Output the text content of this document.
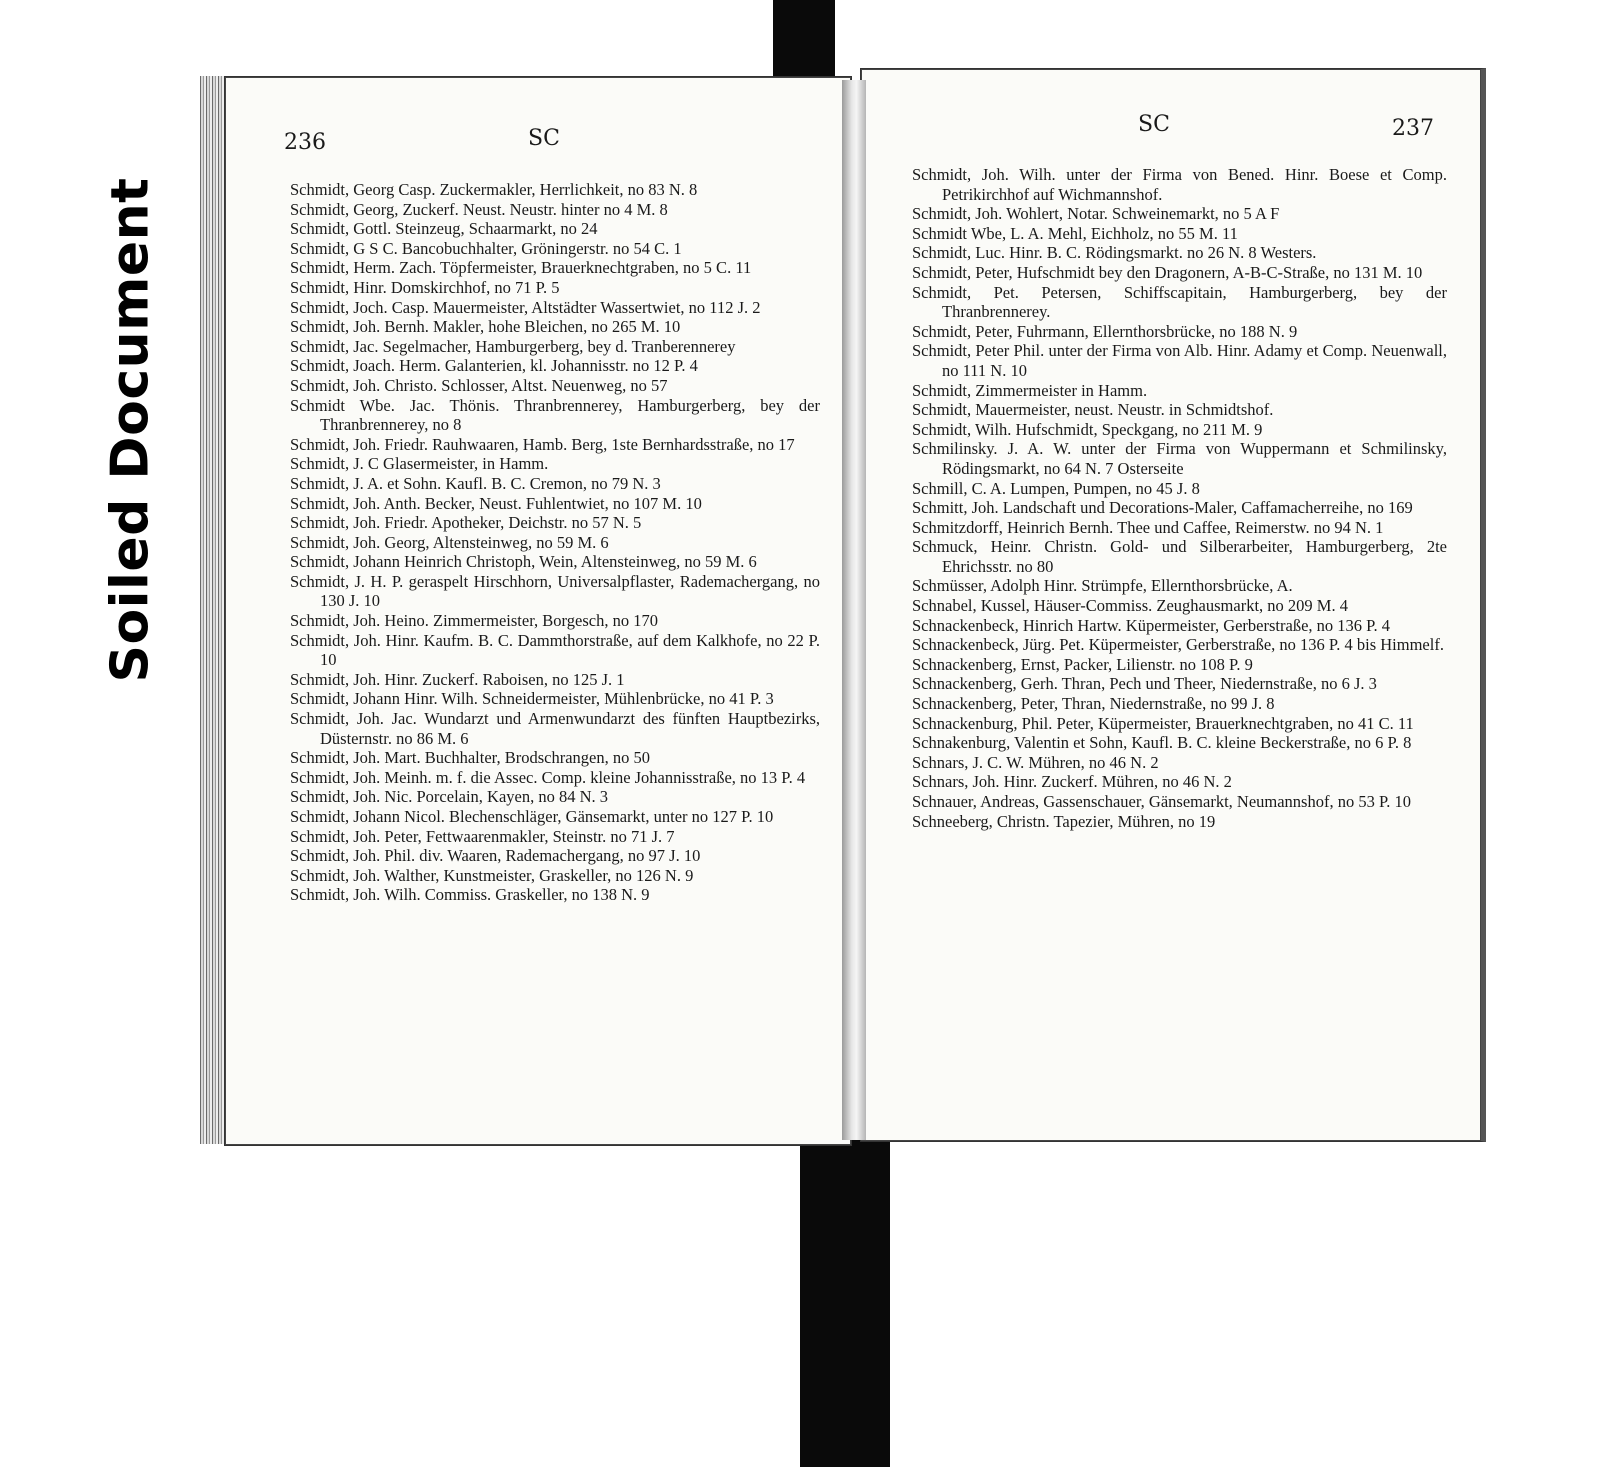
Soiled Document
236	SC
SC	237

Schmidt, Georg Casp. Zuckermakler, Herrlichkeit, no 83 N. 8

Schmidt, Georg, Zuckerf. Neust. Neustr. hinter no 4 M. 8

Schmidt, Gottl. Steinzeug, Schaarmarkt, no 24

Schmidt, G S C. Bancobuchhalter, Gröningerstr. no 54 C. 1

Schmidt, Herm. Zach. Töpfermeister, Brauerknechtgraben, no 5 C. 11

Schmidt, Hinr. Domskirchhof, no 71 P. 5

Schmidt, Joch. Casp. Mauermeister, Altstädter Wassertwiet, no 112 J. 2

Schmidt, Joh. Bernh. Makler, hohe Bleichen, no 265 M. 10

Schmidt, Jac. Segelmacher, Hamburgerberg, bey d. Tranberennerey

Schmidt, Joach. Herm. Galanterien, kl. Johannisstr. no 12 P. 4

Schmidt, Joh. Christo. Schlosser, Altst. Neuenweg, no 57

Schmidt Wbe. Jac. Thönis. Thranbrennerey, Hamburgerberg, bey der Thranbrennerey, no 8

Schmidt, Joh. Friedr. Rauhwaaren, Hamb. Berg, 1ste Bernhardsstraße, no 17

Schmidt, J. C Glasermeister, in Hamm.

Schmidt, J. A. et Sohn. Kaufl. B. C. Cremon, no 79 N. 3

Schmidt, Joh. Anth. Becker, Neust. Fuhlentwiet, no 107 M. 10

Schmidt, Joh. Friedr. Apotheker, Deichstr. no 57 N. 5

Schmidt, Joh. Georg, Altensteinweg, no 59 M. 6

Schmidt, Johann Heinrich Christoph, Wein, Altensteinweg, no 59 M. 6

Schmidt, J. H. P. geraspelt Hirschhorn, Universalpflaster, Rademachergang, no 130 J. 10

Schmidt, Joh. Heino. Zimmermeister, Borgesch, no 170

Schmidt, Joh. Hinr. Kaufm. B. C. Dammthorstraße, auf dem Kalkhofe, no 22 P. 10

Schmidt, Joh. Hinr. Zuckerf. Raboisen, no 125 J. 1

Schmidt, Johann Hinr. Wilh. Schneidermeister, Mühlenbrücke, no 41 P. 3

Schmidt, Joh. Jac. Wundarzt und Armenwundarzt des fünften Hauptbezirks, Düsternstr. no 86 M. 6

Schmidt, Joh. Mart. Buchhalter, Brodschrangen, no 50

Schmidt, Joh. Meinh. m. f. die Assec. Comp. kleine Johannisstraße, no 13 P. 4

Schmidt, Joh. Nic. Porcelain, Kayen, no 84 N. 3

Schmidt, Johann Nicol. Blechenschläger, Gänsemarkt, unter no 127 P. 10

Schmidt, Joh. Peter, Fettwaarenmakler, Steinstr. no 71 J. 7

Schmidt, Joh. Phil. div. Waaren, Rademachergang, no 97 J. 10

Schmidt, Joh. Walther, Kunstmeister, Graskeller, no 126 N. 9

Schmidt, Joh. Wilh. Commiss. Graskeller, no 138 N. 9

Schmidt, Joh. Wilh. unter der Firma von Bened. Hinr. Boese et Comp. Petrikirchhof auf Wichmannshof.

Schmidt, Joh. Wohlert, Notar. Schweinemarkt, no 5 A F

Schmidt Wbe, L. A. Mehl, Eichholz, no 55 M. 11

Schmidt, Luc. Hinr. B. C. Rödingsmarkt. no 26 N. 8 Westers.

Schmidt, Peter, Hufschmidt bey den Dragonern, A-B-C-Straße, no 131 M. 10

Schmidt, Pet. Petersen, Schiffscapitain, Hamburgerberg, bey der Thranbrennerey.

Schmidt, Peter, Fuhrmann, Ellernthorsbrücke, no 188 N. 9

Schmidt, Peter Phil. unter der Firma von Alb. Hinr. Adamy et Comp. Neuenwall, no 111 N. 10

Schmidt, Zimmermeister in Hamm.

Schmidt, Mauermeister, neust. Neustr. in Schmidtshof.

Schmidt, Wilh. Hufschmidt, Speckgang, no 211 M. 9

Schmilinsky. J. A. W. unter der Firma von Wuppermann et Schmilinsky, Rödingsmarkt, no 64 N. 7 Osterseite

Schmill, C. A. Lumpen, Pumpen, no 45 J. 8

Schmitt, Joh. Landschaft und Decorations-Maler, Caffamacherreihe, no 169

Schmitzdorff, Heinrich Bernh. Thee und Caffee, Reimerstw. no 94 N. 1

Schmuck, Heinr. Christn. Gold- und Silberarbeiter, Hamburgerberg, 2te Ehrichsstr. no 80

Schmüsser, Adolph Hinr. Strümpfe, Ellernthorsbrücke, A.

Schnabel, Kussel, Häuser-Commiss. Zeughausmarkt, no 209 M. 4

Schnackenbeck, Hinrich Hartw. Küpermeister, Gerberstraße, no 136 P. 4

Schnackenbeck, Jürg. Pet. Küpermeister, Gerberstraße, no 136 P. 4 bis Himmelf.

Schnackenberg, Ernst, Packer, Lilienstr. no 108 P. 9

Schnackenberg, Gerh. Thran, Pech und Theer, Niedernstraße, no 6 J. 3

Schnackenberg, Peter, Thran, Niedernstraße, no 99 J. 8

Schnackenburg, Phil. Peter, Küpermeister, Brauerknechtgraben, no 41 C. 11

Schnakenburg, Valentin et Sohn, Kaufl. B. C. kleine Beckerstraße, no 6 P. 8

Schnars, J. C. W. Mühren, no 46 N. 2

Schnars, Joh. Hinr. Zuckerf. Mühren, no 46 N. 2

Schnauer, Andreas, Gassenschauer, Gänsemarkt, Neumannshof, no 53 P. 10

Schneeberg, Christn. Tapezier, Mühren, no 19
